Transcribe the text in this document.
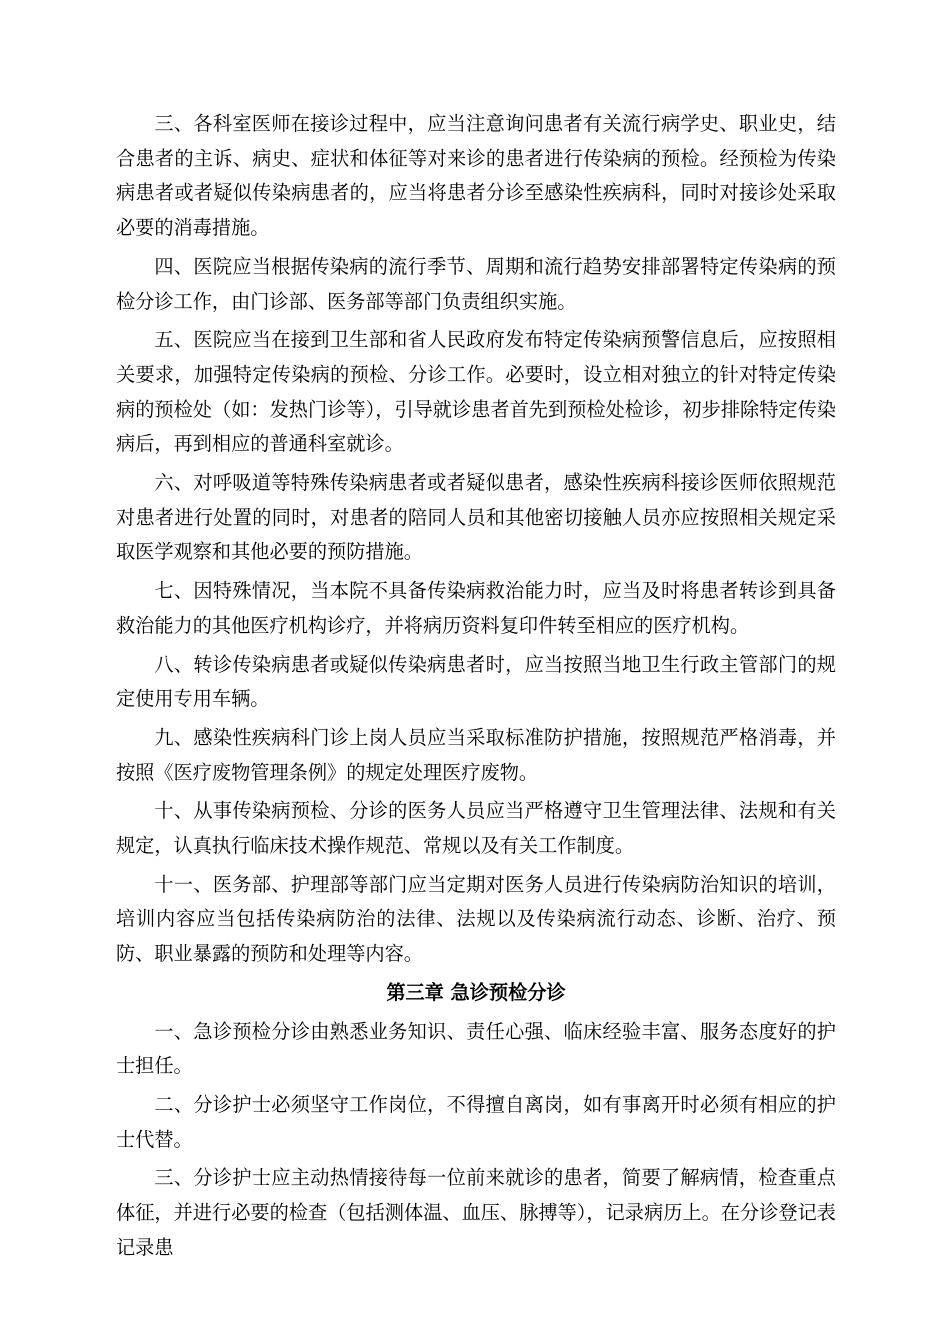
三、各科室医师在接诊过程中，应当注意询问患者有关流行病学史、职业史，结合患者的主诉、病史、症状和体征等对来诊的患者进行传染病的预检。经预检为传染病患者或者疑似传染病患者的，应当将患者分诊至感染性疾病科，同时对接诊处采取必要的消毒措施。

四、医院应当根据传染病的流行季节、周期和流行趋势安排部署特定传染病的预检分诊工作，由门诊部、医务部等部门负责组织实施。

五、医院应当在接到卫生部和省人民政府发布特定传染病预警信息后，应按照相关要求，加强特定传染病的预检、分诊工作。必要时，设立相对独立的针对特定传染病的预检处（如：发热门诊等），引导就诊患者首先到预检处检诊，初步排除特定传染病后，再到相应的普通科室就诊。

六、对呼吸道等特殊传染病患者或者疑似患者，感染性疾病科接诊医师依照规范对患者进行处置的同时，对患者的陪同人员和其他密切接触人员亦应按照相关规定采取医学观察和其他必要的预防措施。

七、因特殊情况，当本院不具备传染病救治能力时，应当及时将患者转诊到具备救治能力的其他医疗机构诊疗，并将病历资料复印件转至相应的医疗机构。

八、转诊传染病患者或疑似传染病患者时，应当按照当地卫生行政主管部门的规定使用专用车辆。

九、感染性疾病科门诊上岗人员应当采取标准防护措施，按照规范严格消毒，并按照《医疗废物管理条例》的规定处理医疗废物。

十、从事传染病预检、分诊的医务人员应当严格遵守卫生管理法律、法规和有关规定，认真执行临床技术操作规范、常规以及有关工作制度。

十一、医务部、护理部等部门应当定期对医务人员进行传染病防治知识的培训，培训内容应当包括传染病防治的法律、法规以及传染病流行动态、诊断、治疗、预防、职业暴露的预防和处理等内容。

第三章 急诊预检分诊

一、急诊预检分诊由熟悉业务知识、责任心强、临床经验丰富、服务态度好的护士担任。

二、分诊护士必须坚守工作岗位，不得擅自离岗，如有事离开时必须有相应的护士代替。

三、分诊护士应主动热情接待每一位前来就诊的患者，简要了解病情，检查重点体征，并进行必要的检查（包括测体温、血压、脉搏等），记录病历上。在分诊登记表记录患
